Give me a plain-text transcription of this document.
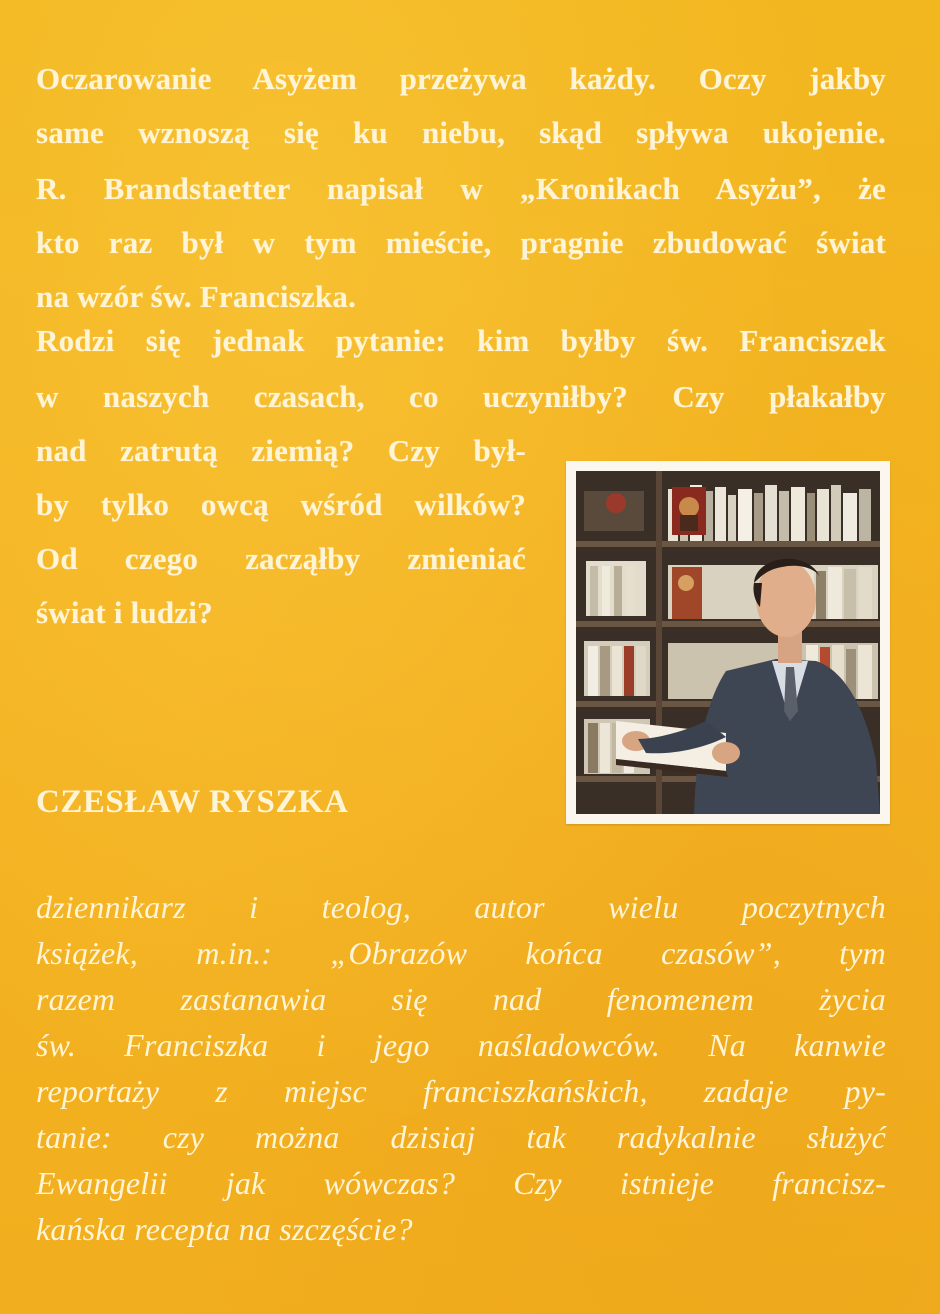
Oczarowanie Asyżem przeżywa każdy. Oczy jakby
same wznoszą się ku niebu, skąd spływa ukojenie.
R. Brandstaetter napisał w „Kronikach Asyżu”, że
kto raz był w tym mieście, pragnie zbudować świat
na wzór św. Franciszka.
Rodzi się jednak pytanie: kim byłby św. Franciszek
w naszych czasach, co uczyniłby? Czy płakałby
nad zatrutą ziemią? Czy był-
by tylko owcą wśród wilków?
Od czego zacząłby zmieniać
świat i ludzi?
CZESŁAW RYSZKA
dziennikarz i teolog, autor wielu poczytnych
książek, m.in.: „Obrazów końca czasów”, tym
razem zastanawia się nad fenomenem życia
św. Franciszka i jego naśladowców. Na kanwie
reportaży z miejsc franciszkańskich, zadaje py-
tanie: czy można dzisiaj tak radykalnie służyć
Ewangelii jak wówczas? Czy istnieje francisz-
kańska recepta na szczęście?
